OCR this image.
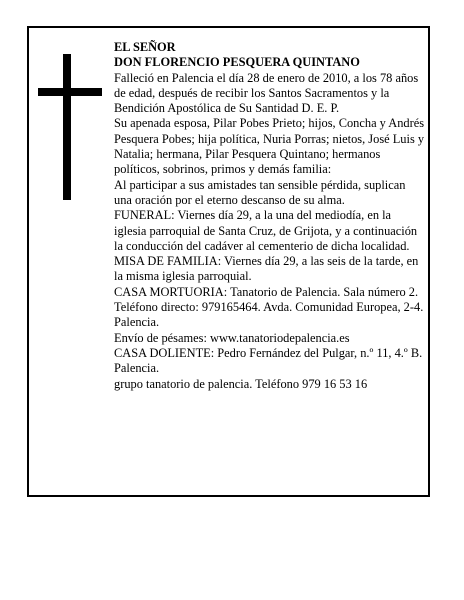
EL SEÑOR

DON FLORENCIO PESQUERA QUINTANO

Falleció en Palencia el día 28 de enero de 2010, a los 78 años de edad, después de recibir los Santos Sacramentos y la Bendición Apostólica de Su Santidad D. E. P.

Su apenada esposa, Pilar Pobes Prieto; hijos, Concha y Andrés Pesquera Pobes; hija política, Nuria Porras; nietos, José Luis y Natalia; hermana, Pilar Pesquera Quintano; hermanos políticos, sobrinos, primos y demás familia:

Al participar a sus amistades tan sensible pérdida, suplican una oración por el eterno descanso de su alma.

FUNERAL: Viernes día 29, a la una del mediodía, en la iglesia parroquial de Santa Cruz, de Grijota, y a continuación la conducción del cadáver al cementerio de dicha localidad.

MISA DE FAMILIA: Viernes día 29, a las seis de la tarde, en la misma iglesia parroquial.

CASA MORTUORIA: Tanatorio de Palencia. Sala número 2. Teléfono directo: 979165464. Avda. Comunidad Europea, 2-4. Palencia.

Envío de pésames: www.tanatoriodepalencia.es

CASA DOLIENTE: Pedro Fernández del Pulgar, n.º 11, 4.º B. Palencia.

grupo tanatorio de palencia. Teléfono 979 16 53 16
